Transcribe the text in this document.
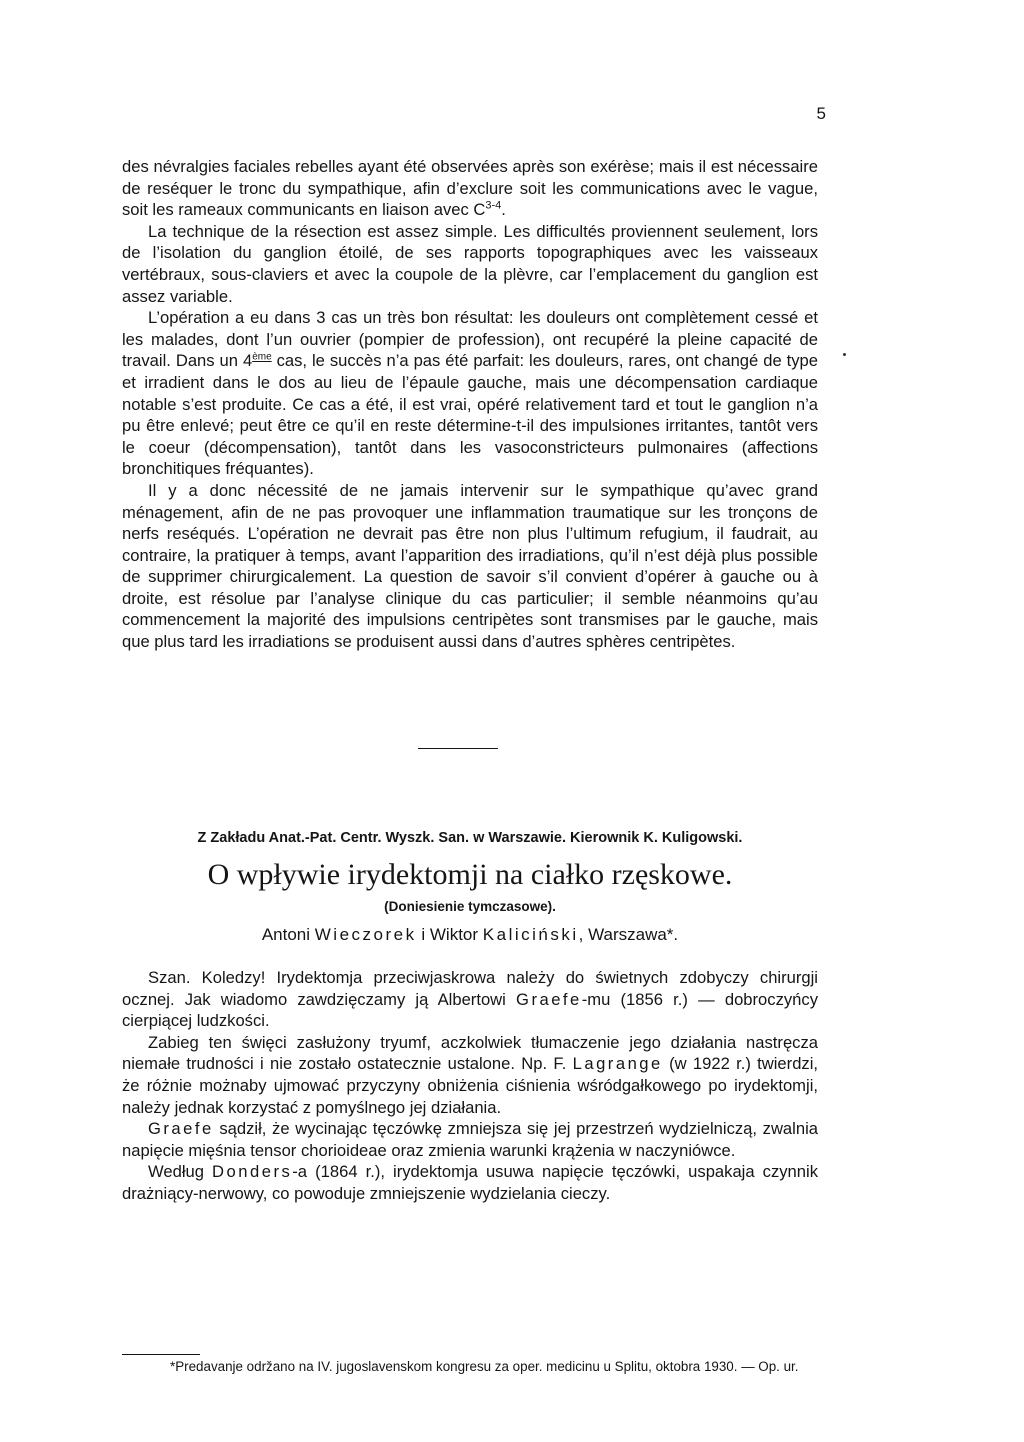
5

des névralgies faciales rebelles ayant été observées après son exérèse; mais il est nécessaire de reséquer le tronc du sympathique, afin d’exclure soit les communications avec le vague, soit les rameaux communicants en liaison avec $C^{3-4}$.

La technique de la résection est assez simple. Les difficultés proviennent seulement, lors de l’isolation du ganglion étoilé, de ses rapports topographiques avec les vaisseaux vertébraux, sous-claviers et avec la coupole de la plèvre, car l’emplacement du ganglion est assez variable.

L’opération a eu dans 3 cas un très bon résultat: les douleurs ont complètement cessé et les malades, dont l’un ouvrier (pompier de profession), ont recupéré la pleine capacité de travail. Dans un 4ème cas, le succès n’a pas été parfait: les douleurs, rares, ont changé de type et irradient dans le dos au lieu de l’épaule gauche, mais une décompensation cardiaque notable s’est produite. Ce cas a été, il est vrai, opéré relativement tard et tout le ganglion n’a pu être enlevé; peut être ce qu’il en reste détermine-t-il des impulsiones irritantes, tantôt vers le coeur (décompensation), tantôt dans les vasoconstricteurs pulmonaires (affections bronchitiques fréquantes).

Il y a donc nécessité de ne jamais intervenir sur le sympathique qu’avec grand ménagement, afin de ne pas provoquer une inflammation traumatique sur les tronçons de nerfs reséqués. L’opération ne devrait pas être non plus l’ultimum refugium, il faudrait, au contraire, la pratiquer à temps, avant l’apparition des irradiations, qu’il n’est déjà plus possible de supprimer chirurgicalement. La question de savoir s’il convient d’opérer à gauche ou à droite, est résolue par l’analyse clinique du cas particulier; il semble néanmoins qu’au commencement la majorité des impulsions centripètes sont transmises par le gauche, mais que plus tard les irradiations se produisent aussi dans d’autres sphères centripètes.

Z Zakładu Anat.-Pat. Centr. Wyszk. San. w Warszawie. Kierownik K. Kuligowski.
O wpływie irydektomji na ciałko rzęskowe.
(Doniesienie tymczasowe).
Antoni Wieczorek i Wiktor Kaliciński, Warszawa*.

Szan. Koledzy! Irydektomja przeciwjaskrowa należy do świetnych zdobyczy chirurgji ocznej. Jak wiadomo zawdzięczamy ją Albertowi Graefe-mu (1856 r.) — dobroczyńcy cierpiącej ludzkości.

Zabieg ten święci zasłużony tryumf, aczkolwiek tłumaczenie jego działania nastręcza niemałe trudności i nie zostało ostatecznie ustalone. Np. F. Lagrange (w 1922 r.) twierdzi, że różnie możnaby ujmować przyczyny obniżenia ciśnienia wśródgałkowego po irydektomji, należy jednak korzystać z pomyślnego jej działania.

Graefe sądził, że wycinając tęczówkę zmniejsza się jej przestrzeń wydzielniczą, zwalnia napięcie mięśnia tensor chorioideae oraz zmienia warunki krążenia w naczyniówce.

Według Donders-a (1864 r.), irydektomja usuwa napięcie tęczówki, uspakaja czynnik drażniący-nerwowy, co powoduje zmniejszenie wydzielania cieczy.

*Predavanje održano na IV. jugoslavenskom kongresu za oper. medicinu u Splitu, oktobra 1930. — Op. ur.
